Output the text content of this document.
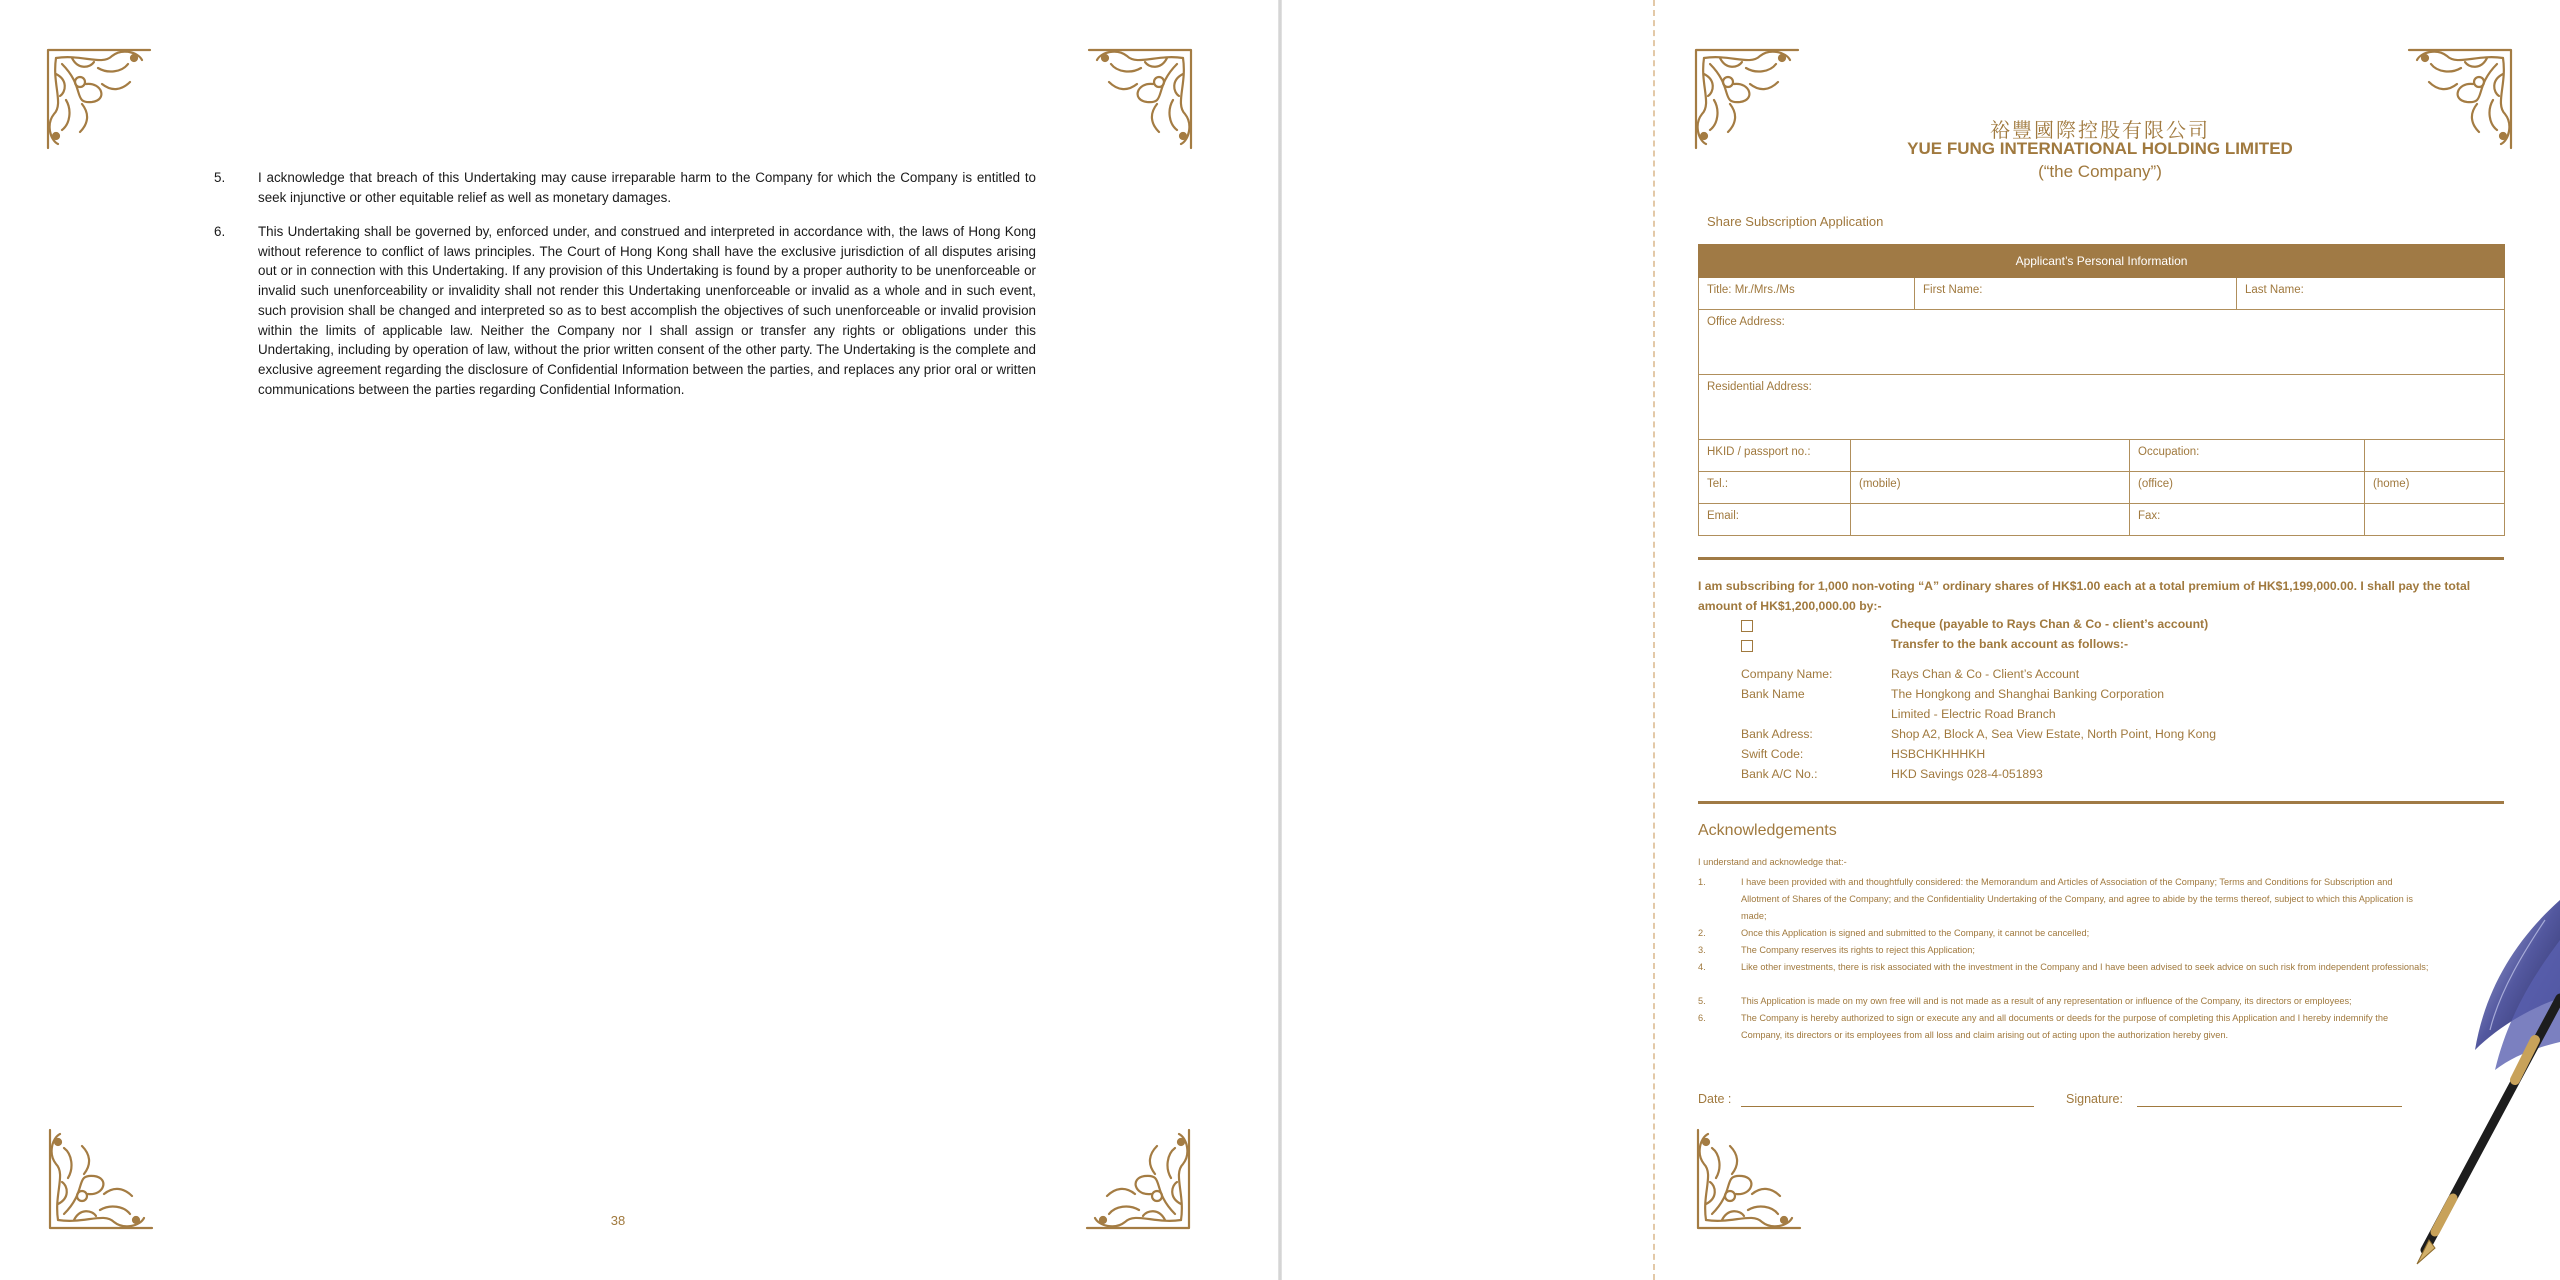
5. I acknowledge that breach of this Undertaking may cause irreparable harm to the Company for which the Company is entitled to seek injunctive or other equitable relief as well as monetary damages.
6. This Undertaking shall be governed by, enforced under, and construed and interpreted in accordance with, the laws of Hong Kong without reference to conflict of laws principles. The Court of Hong Kong shall have the exclusive jurisdiction of all disputes arising out or in connection with this Undertaking. If any provision of this Undertaking is found by a proper authority to be unenforceable or invalid such unenforceability or invalidity shall not render this Undertaking unenforceable or invalid as a whole and in such event, such provision shall be changed and interpreted so as to best accomplish the objectives of such unenforceable or invalid provision within the limits of applicable law. Neither the Company nor I shall assign or transfer any rights or obligations under this Undertaking, including by operation of law, without the prior written consent of the other party. The Undertaking is the complete and exclusive agreement regarding the disclosure of Confidential Information between the parties, and replaces any prior oral or written communications between the parties regarding Confidential Information.
38
裕豐國際控股有限公司
YUE FUNG INTERNATIONAL HOLDING LIMITED
(“the Company”)
Share Subscription Application
Applicant’s Personal Information					
Title: Mr./Mrs./Ms		First Name:		Last Name:	
Office Address:					
Residential Address:					
HKID / passport no.:			Occupation:		
Tel.:	(mobile)		(office)		(home)
Email:			Fax:		
I am subscribing for 1,000 non-voting “A” ordinary shares of HK$1.00 each at a total premium of HK$1,199,000.00. I shall pay the total amount of HK$1,200,000.00 by:-
Cheque (payable to Rays Chan & Co - client’s account)
Transfer to the bank account as follows:-
Company Name:	Rays Chan & Co - Client’s Account
Bank Name	The Hongkong and Shanghai Banking Corporation
Limited - Electric Road Branch
Bank Adress:	Shop A2, Block A, Sea View Estate, North Point, Hong Kong
Swift Code:	HSBCHKHHHKH
Bank A/C No.:	HKD Savings 028-4-051893
Acknowledgements
I understand and acknowledge that:-
1.	I have been provided with and thoughtfully considered: the Memorandum and Articles of Association of the Company; Terms and Conditions for Subscription and Allotment of Shares of the Company; and the Confidentiality Undertaking of the Company, and agree to abide by the terms thereof, subject to which this Application is made;
2.	Once this Application is signed and submitted to the Company, it cannot be cancelled;
3.	The Company reserves its rights to reject this Application;
4.	Like other investments, there is risk associated with the investment in the Company and I have been advised to seek advice on such risk from independent professionals;
5.	This Application is made on my own free will and is not made as a result of any representation or influence of the Company, its directors or employees;
6.	The Company is hereby authorized to sign or execute any and all documents or deeds for the purpose of completing this Application and I hereby indemnify the Company, its directors or its employees from all loss and claim arising out of acting upon the authorization hereby given.
Date :	Signature:
